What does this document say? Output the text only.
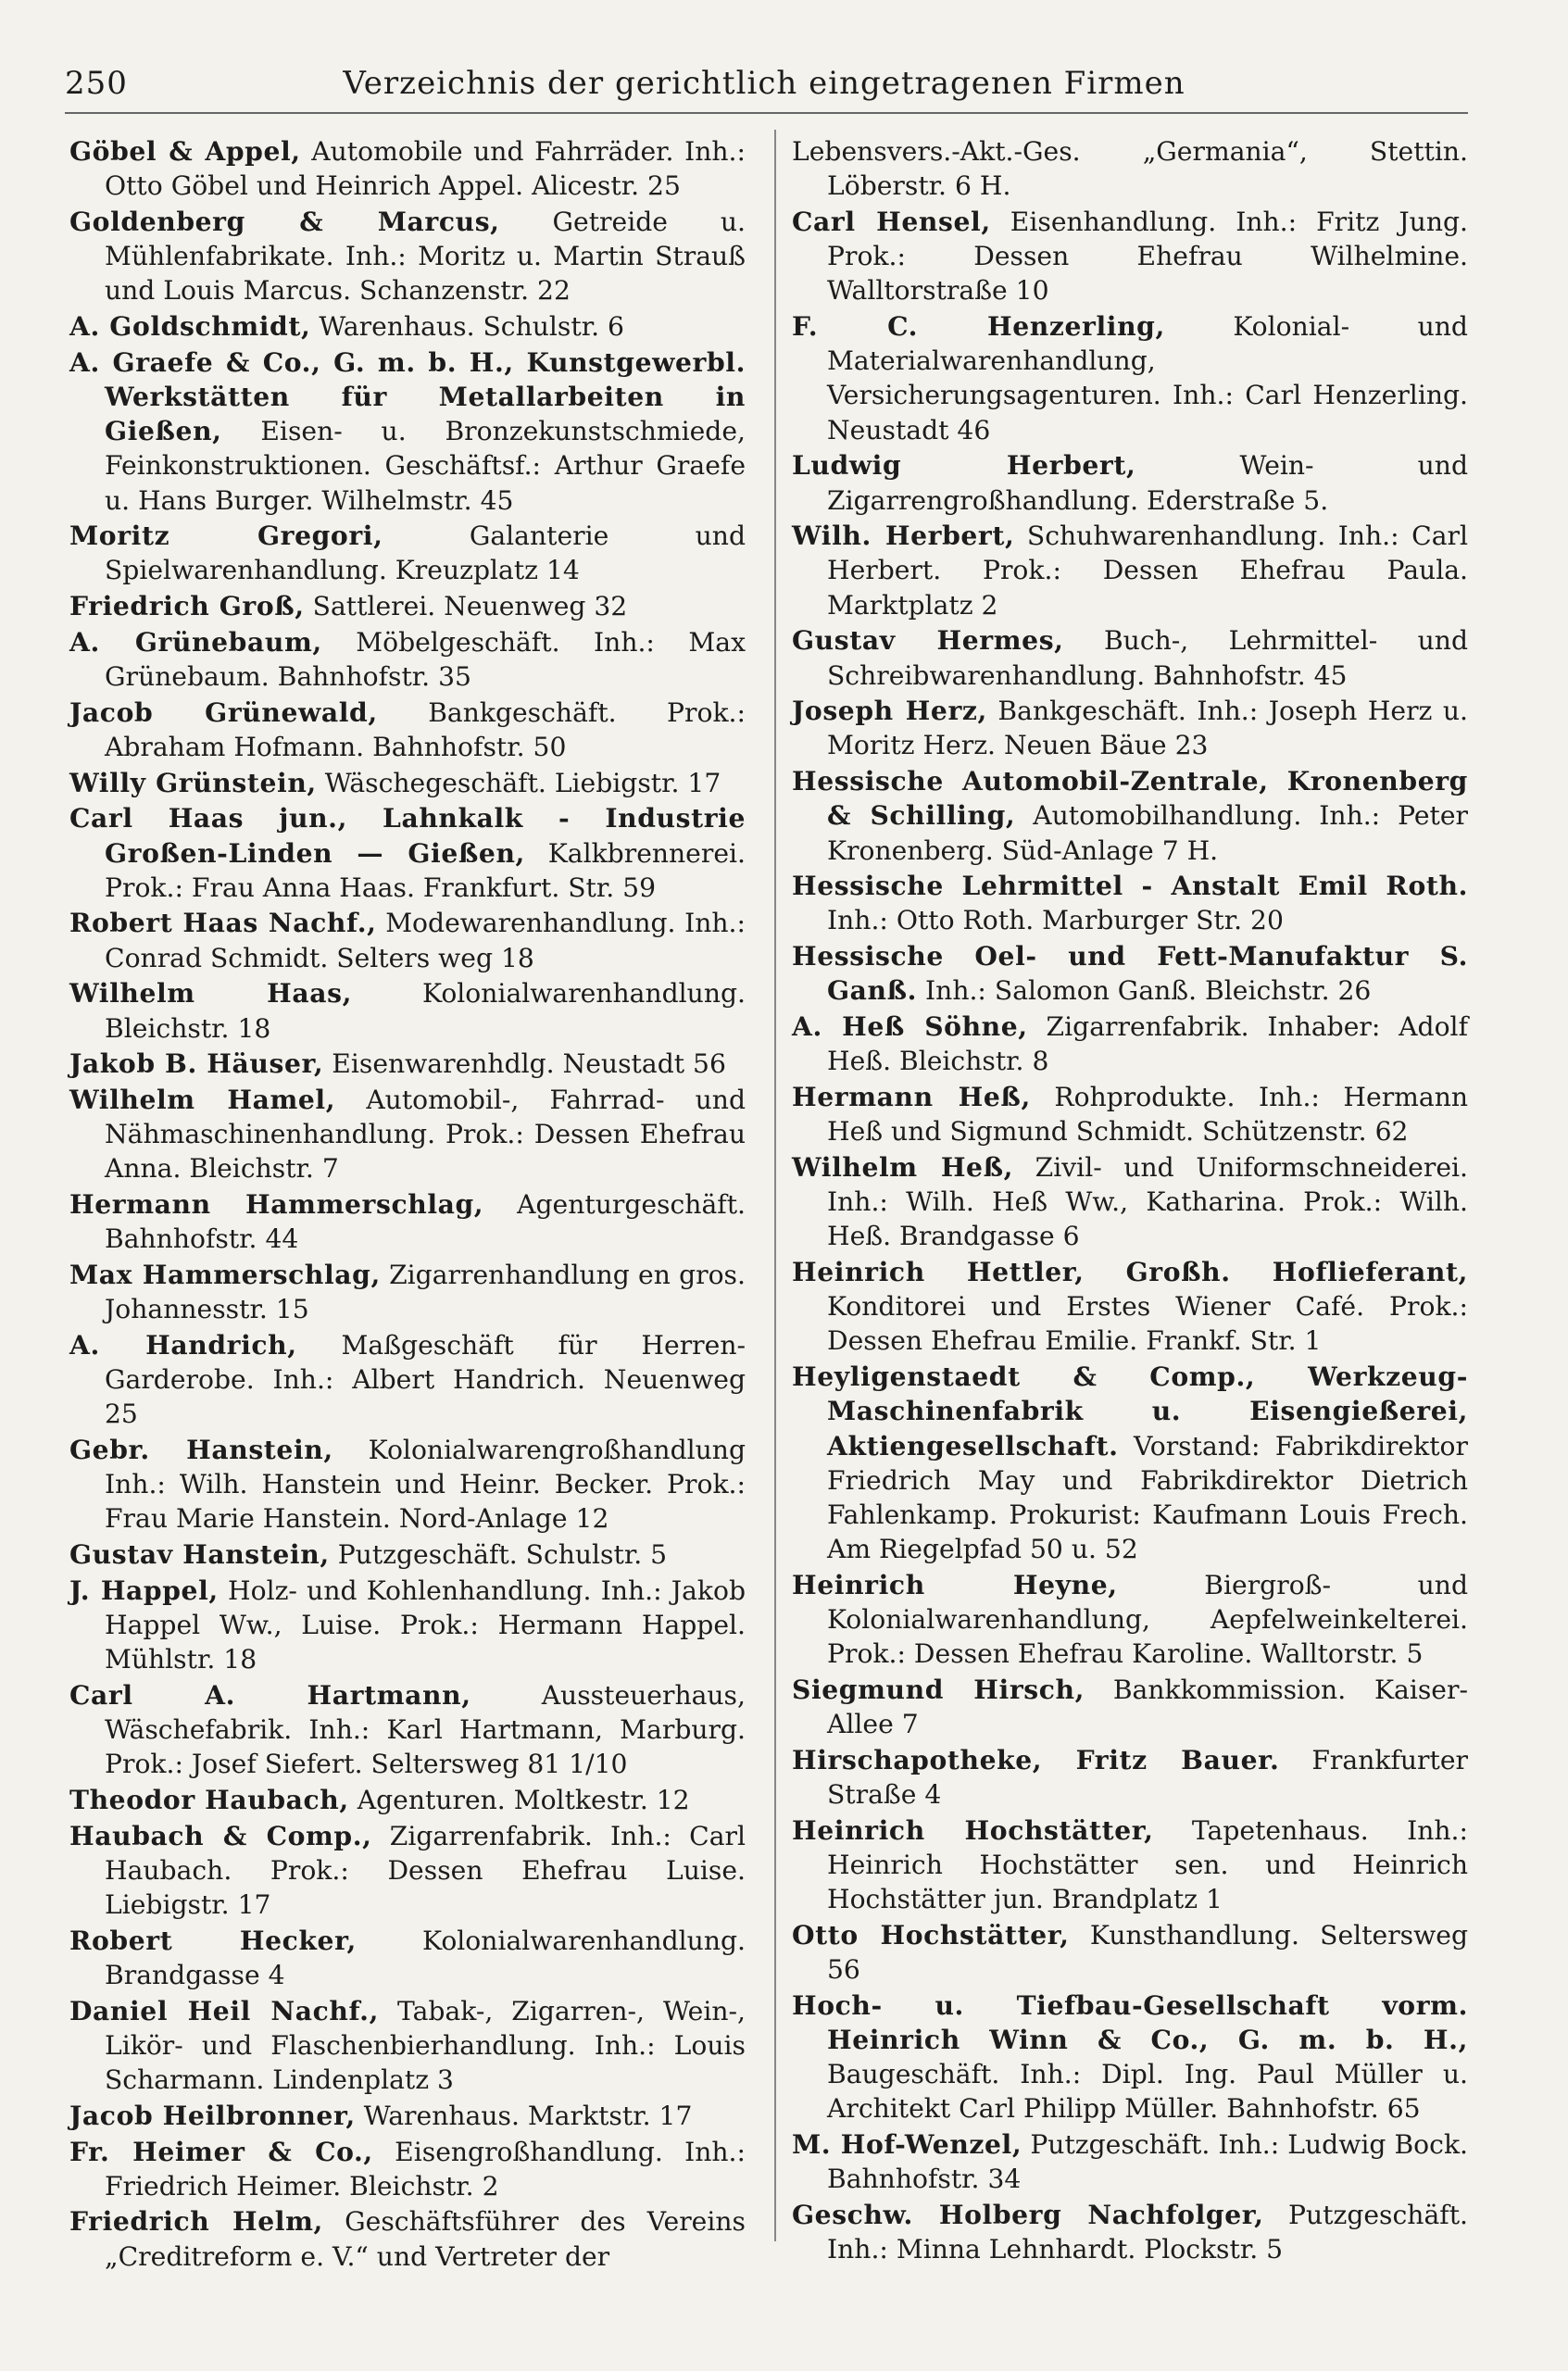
250	Verzeichnis der gerichtlich eingetragenen Firmen

Göbel & Appel, Automobile und Fahrräder. Inh.: Otto Göbel und Heinrich Appel. Alicestr. 25

Goldenberg & Marcus, Getreide u. Mühlenfabrikate. Inh.: Moritz u. Martin Strauß und Louis Marcus. Schanzenstr. 22

A. Goldschmidt, Warenhaus. Schulstr. 6

A. Graefe & Co., G. m. b. H., Kunstgewerbl. Werkstätten für Metallarbeiten in Gießen, Eisen- u. Bronzekunstschmiede, Feinkonstruktionen. Geschäftsf.: Arthur Graefe u. Hans Burger. Wilhelmstr. 45

Moritz Gregori,	Galanterie und Spielwarenhandlung. Kreuzplatz 14

Friedrich Groß, Sattlerei. Neuenweg 32

A. Grünebaum, Möbelgeschäft. Inh.: Max Grünebaum. Bahnhofstr. 35

Jacob Grünewald, Bankgeschäft. Prok.: Abraham Hofmann. Bahnhofstr. 50

Willy Grünstein, Wäschegeschäft. Liebigstr. 17

Carl Haas jun., Lahnkalk - Industrie Großen-Linden — Gießen, Kalkbrennerei. Prok.: Frau Anna Haas. Frankfurt. Str. 59

Robert Haas Nachf., Modewarenhandlung. Inh.: Conrad Schmidt. Selters weg 18

Wilhelm Haas,	Kolonialwarenhandlung. Bleichstr. 18

Jakob B. Häuser, Eisenwarenhdlg. Neustadt 56

Wilhelm Hamel, Automobil-, Fahrrad- und Nähmaschinenhandlung. Prok.: Dessen Ehefrau Anna. Bleichstr. 7

Hermann Hammerschlag, Agenturgeschäft. Bahnhofstr. 44

Max Hammerschlag, Zigarrenhandlung en gros. Johannesstr. 15

A. Handrich, Maßgeschäft für Herren-Garderobe. Inh.: Albert Handrich. Neuenweg 25

Gebr. Hanstein, Kolonialwarengroßhandlung Inh.: Wilh. Hanstein und Heinr. Becker. Prok.: Frau Marie Hanstein. Nord-Anlage 12

Gustav Hanstein, Putzgeschäft. Schulstr. 5

J. Happel, Holz- und Kohlenhandlung. Inh.: Jakob Happel Ww., Luise. Prok.: Hermann Happel. Mühlstr. 18

Carl A. Hartmann,	Aussteuerhaus, Wäschefabrik. Inh.: Karl Hartmann, Marburg. Prok.: Josef Siefert. Seltersweg 81 1/10

Theodor Haubach, Agenturen. Moltkestr. 12

Haubach & Comp., Zigarrenfabrik. Inh.: Carl Haubach. Prok.: Dessen Ehefrau Luise. Liebigstr. 17

Robert Hecker,	Kolonialwarenhandlung. Brandgasse 4

Daniel Heil Nachf., Tabak-, Zigarren-, Wein-, Likör- und Flaschenbierhandlung. Inh.: Louis Scharmann. Lindenplatz 3

Jacob Heilbronner, Warenhaus. Marktstr. 17

Fr. Heimer & Co., Eisengroßhandlung. Inh.: Friedrich Heimer. Bleichstr. 2

Friedrich Helm, Geschäftsführer des Vereins „Creditreform e. V.“ und Vertreter der

Lebensvers.-Akt.-Ges. „Germania“, Stettin. Löberstr. 6 H.

Carl Hensel, Eisenhandlung. Inh.: Fritz Jung. Prok.: Dessen Ehefrau Wilhelmine. Walltorstraße 10

F. C. Henzerling,	Kolonial- und Materialwarenhandlung, Versicherungsagenturen. Inh.: Carl Henzerling. Neustadt 46

Ludwig Herbert,	Wein- und Zigarrengroßhandlung. Ederstraße 5.

Wilh. Herbert, Schuhwarenhandlung. Inh.: Carl Herbert. Prok.: Dessen Ehefrau Paula. Marktplatz 2

Gustav Hermes, Buch-, Lehrmittel- und Schreibwarenhandlung. Bahnhofstr. 45

Joseph Herz, Bankgeschäft. Inh.: Joseph Herz u. Moritz Herz. Neuen Bäue 23

Hessische Automobil-Zentrale, Kronenberg & Schilling, Automobilhandlung. Inh.: Peter Kronenberg. Süd-Anlage 7 H.

Hessische Lehrmittel - Anstalt Emil Roth. Inh.: Otto Roth. Marburger Str. 20

Hessische Oel- und Fett-Manufaktur S. Ganß. Inh.: Salomon Ganß. Bleichstr. 26

A. Heß Söhne, Zigarrenfabrik. Inhaber: Adolf Heß. Bleichstr. 8

Hermann Heß, Rohprodukte. Inh.: Hermann Heß und Sigmund Schmidt. Schützenstr. 62

Wilhelm Heß, Zivil- und Uniformschneiderei. Inh.: Wilh. Heß Ww., Katharina. Prok.: Wilh. Heß. Brandgasse 6

Heinrich Hettler, Großh. Hoflieferant, Konditorei und Erstes Wiener Café. Prok.: Dessen Ehefrau Emilie. Frankf. Str. 1

Heyligenstaedt & Comp., Werkzeug-Maschinenfabrik u. Eisengießerei, Aktiengesellschaft. Vorstand: Fabrikdirektor Friedrich May und Fabrikdirektor Dietrich Fahlenkamp. Prokurist: Kaufmann Louis Frech. Am Riegelpfad 50 u. 52

Heinrich Heyne,	Biergroß- und Kolonialwarenhandlung, Aepfelweinkelterei. Prok.: Dessen Ehefrau Karoline. Walltorstr. 5

Siegmund Hirsch, Bankkommission. Kaiser-Allee 7

Hirschapotheke, Fritz Bauer. Frankfurter Straße 4

Heinrich Hochstätter, Tapetenhaus. Inh.: Heinrich Hochstätter sen. und Heinrich Hochstätter jun. Brandplatz 1

Otto Hochstätter, Kunsthandlung. Seltersweg 56

Hoch- u. Tiefbau-Gesellschaft vorm. Heinrich Winn & Co., G. m. b. H., Baugeschäft. Inh.: Dipl. Ing. Paul Müller u. Architekt Carl Philipp Müller. Bahnhofstr. 65

M. Hof-Wenzel, Putzgeschäft. Inh.: Ludwig Bock. Bahnhofstr. 34

Geschw. Holberg Nachfolger, Putzgeschäft. Inh.: Minna Lehnhardt. Plockstr. 5
